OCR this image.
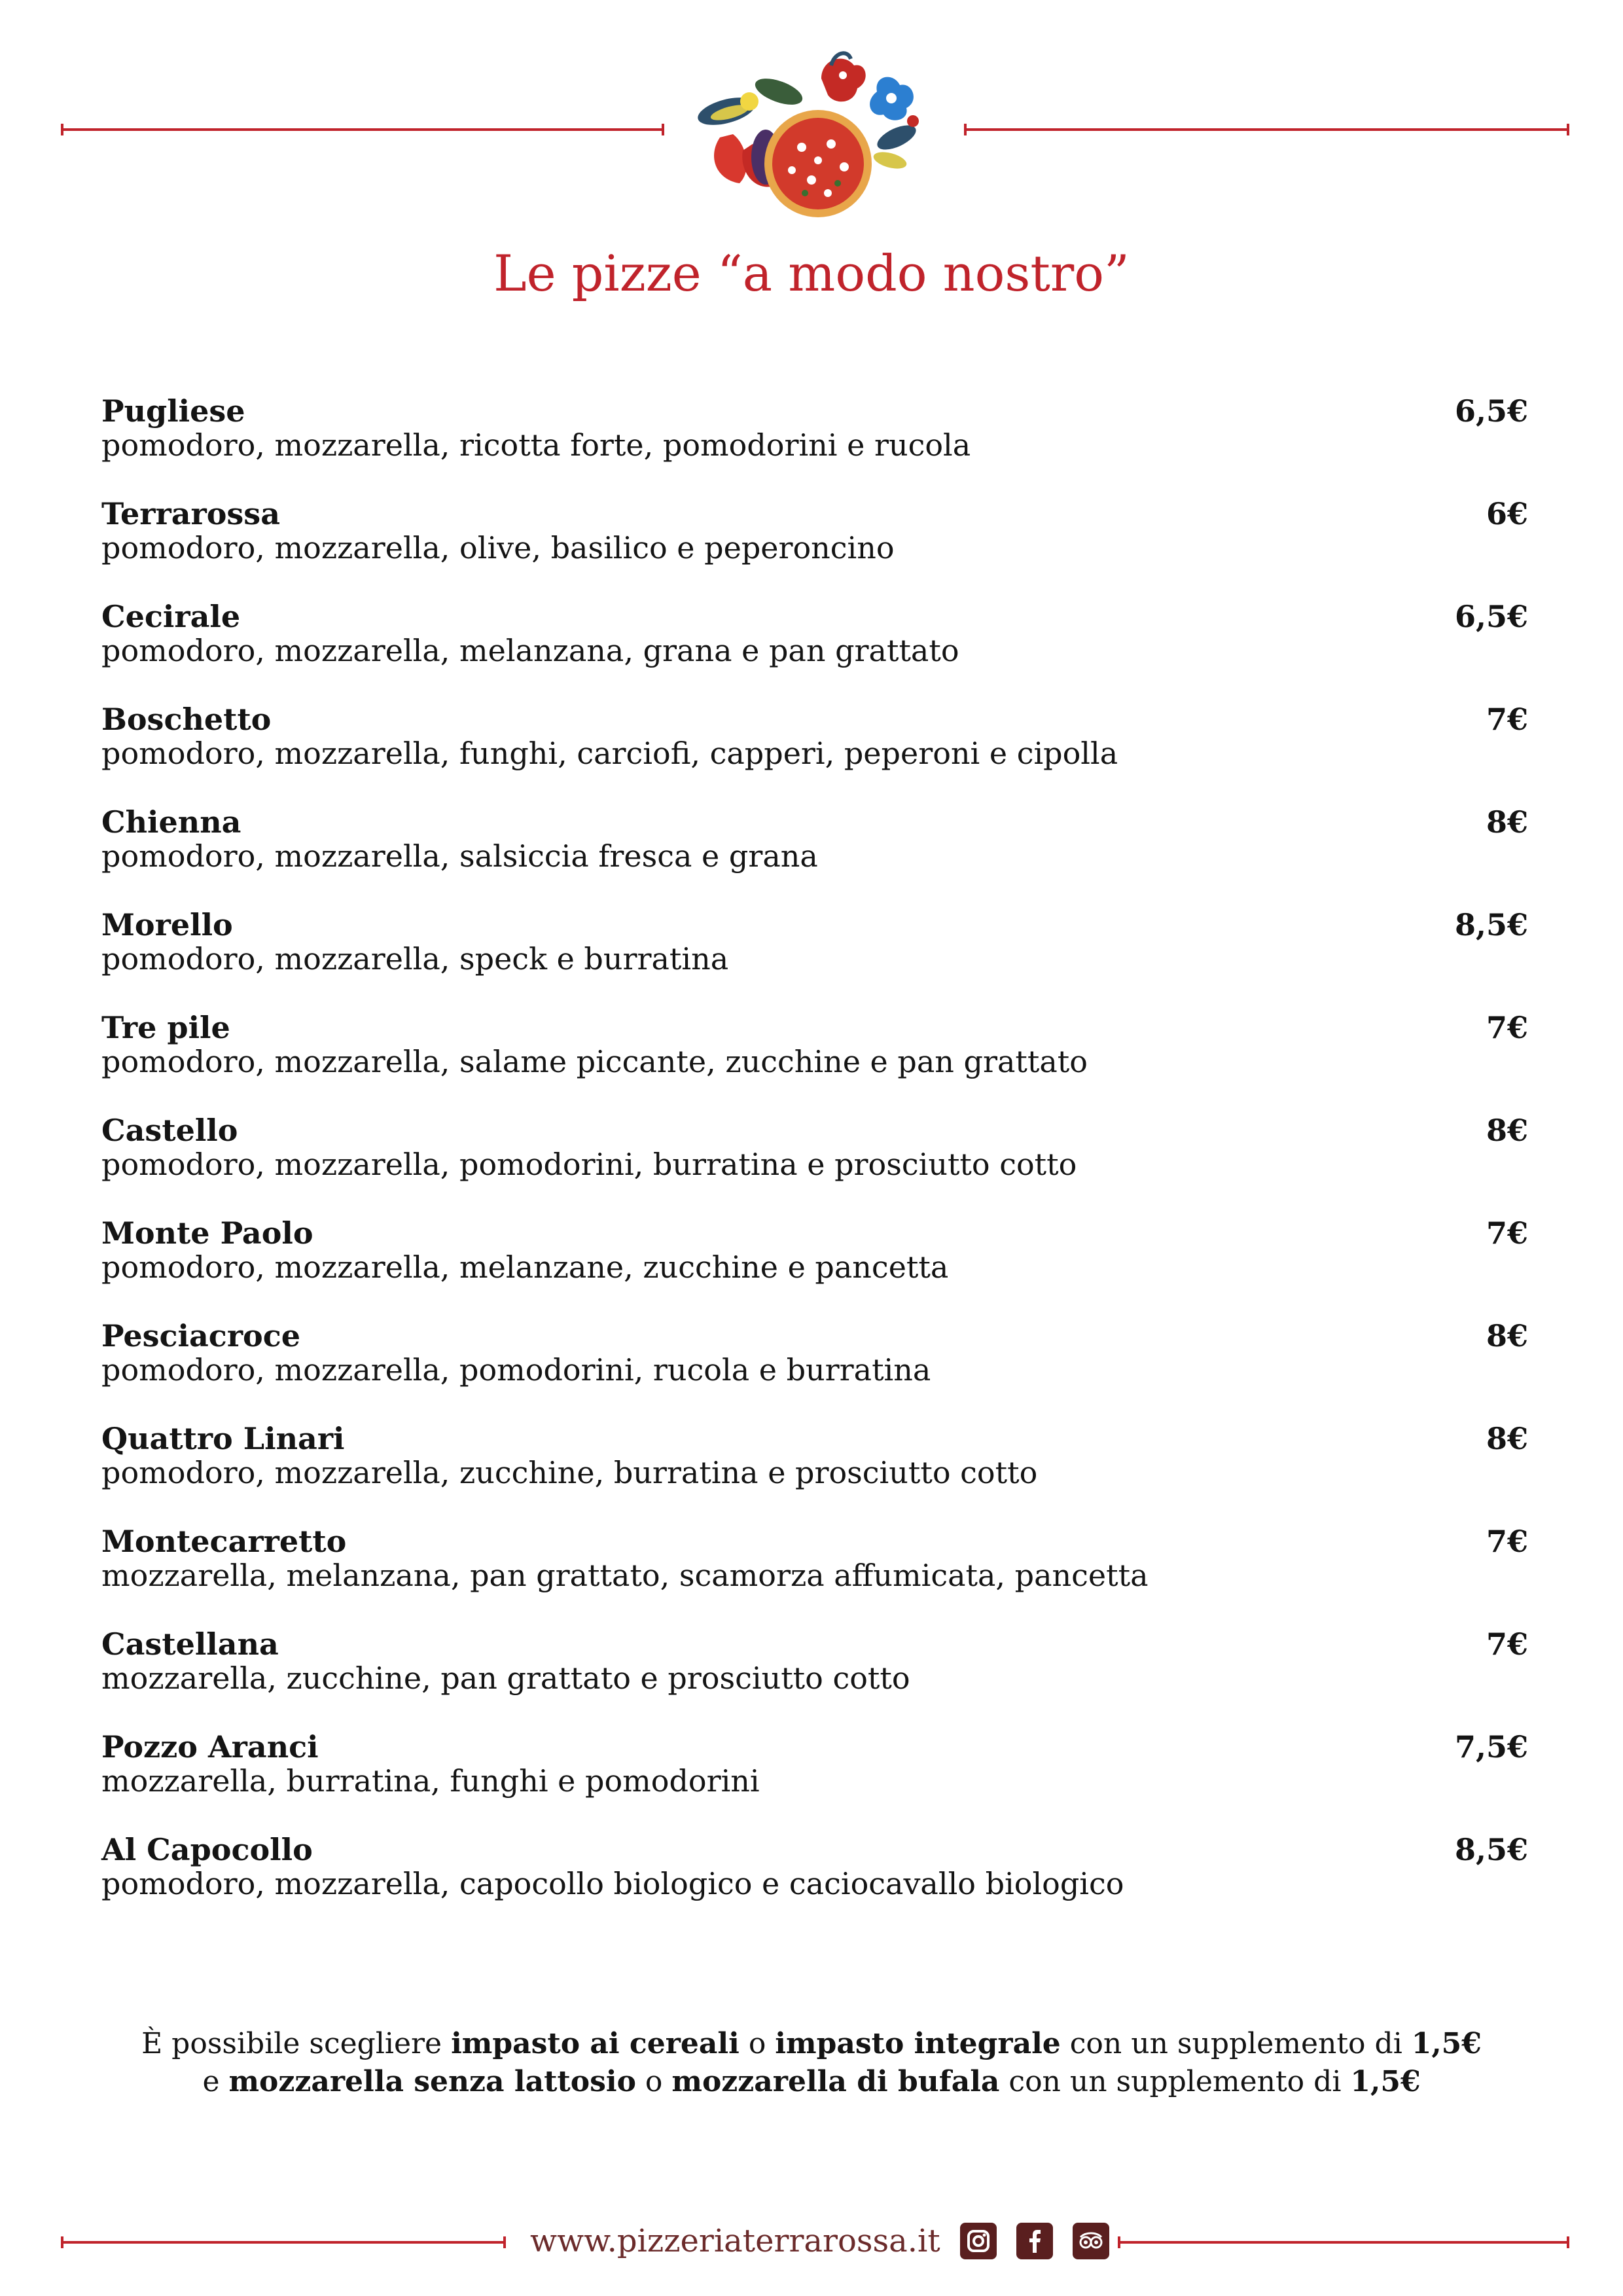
Le pizze “a modo nostro”
Pugliese	6,5€
pomodoro, mozzarella, ricotta forte, pomodorini e rucola
Terrarossa	6€
pomodoro, mozzarella, olive, basilico e peperoncino
Cecirale	6,5€
pomodoro, mozzarella, melanzana, grana e pan grattato
Boschetto	7€
pomodoro, mozzarella, funghi, carciofi, capperi, peperoni e cipolla
Chienna	8€
pomodoro, mozzarella, salsiccia fresca e grana
Morello	8,5€
pomodoro, mozzarella, speck e burratina
Tre pile	7€
pomodoro, mozzarella, salame piccante, zucchine e pan grattato
Castello	8€
pomodoro, mozzarella, pomodorini, burratina e prosciutto cotto
Monte Paolo	7€
pomodoro, mozzarella, melanzane, zucchine e pancetta
Pesciacroce	8€
pomodoro, mozzarella, pomodorini, rucola e burratina
Quattro Linari	8€
pomodoro, mozzarella, zucchine, burratina e prosciutto cotto
Montecarretto	7€
mozzarella, melanzana, pan grattato, scamorza affumicata, pancetta
Castellana	7€
mozzarella, zucchine, pan grattato e prosciutto cotto
Pozzo Aranci	7,5€
mozzarella, burratina, funghi e pomodorini
Al Capocollo	8,5€
pomodoro, mozzarella, capocollo biologico e caciocavallo biologico
È possibile scegliere impasto ai cereali o impasto integrale con un supplemento di 1,5€
e mozzarella senza lattosio o mozzarella di bufala con un supplemento di 1,5€
www.pizzeriaterrarossa.it
